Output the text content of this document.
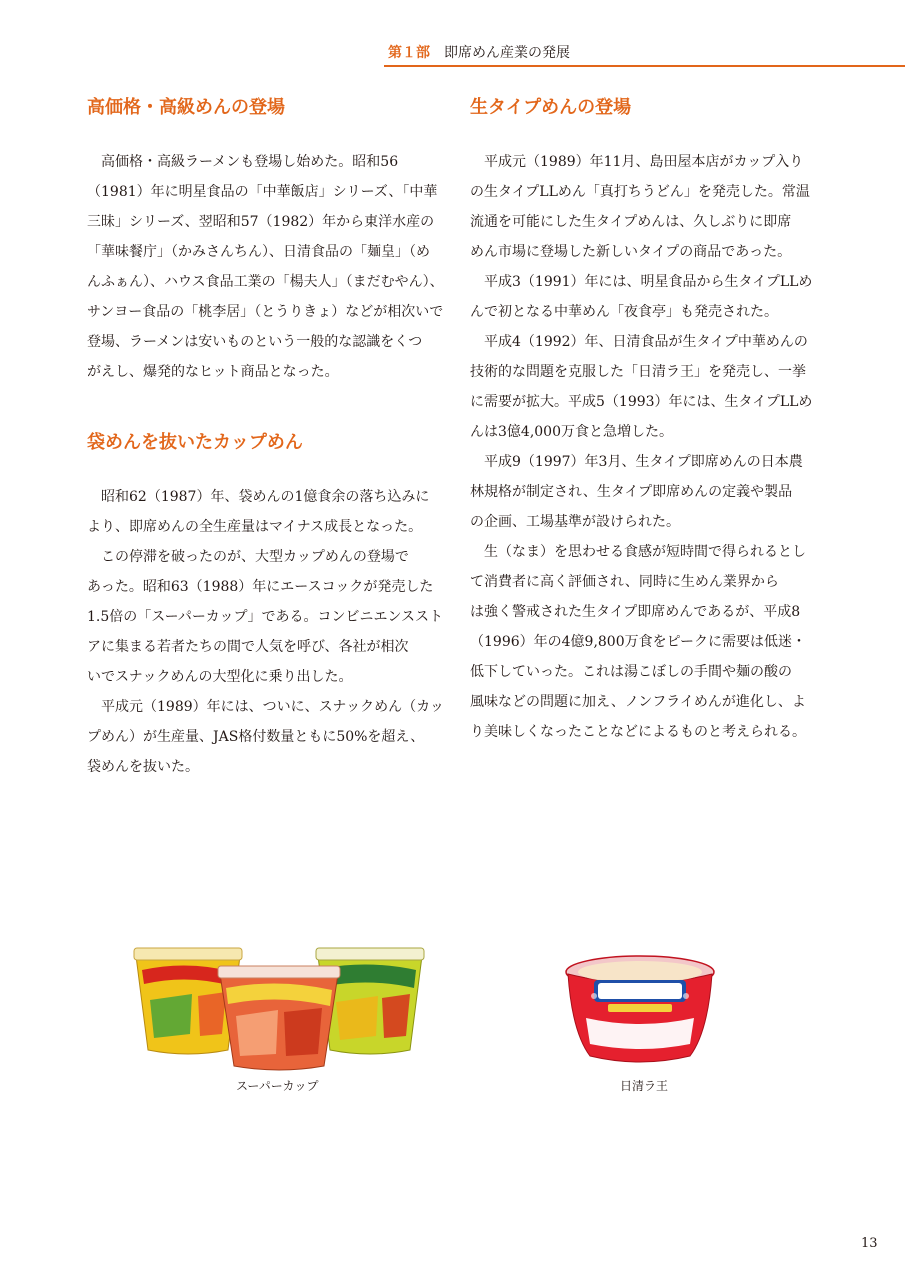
第１部 即席めん産業の発展
高価格・高級めんの登場
　高価格・高級ラーメンも登場し始めた。昭和56
（1981）年に明星食品の「中華飯店」シリーズ、「中華
三昧」シリーズ、翌昭和57（1982）年から東洋水産の
「華味餐庁」（かみさんちん）、日清食品の「麺皇」（め
んふぁん）、ハウス食品工業の「楊夫人」（まだむやん）、
サンヨー食品の「桃李居」（とうりきょ）などが相次いで
登場、ラーメンは安いものという一般的な認識をくつ
がえし、爆発的なヒット商品となった。
袋めんを抜いたカップめん
　昭和62（1987）年、袋めんの1億食余の落ち込みに
より、即席めんの全生産量はマイナス成長となった。
　この停滞を破ったのが、大型カップめんの登場で
あった。昭和63（1988）年にエースコックが発売した
1.5倍の「スーパーカップ」である。コンビニエンススト
アに集まる若者たちの間で人気を呼び、各社が相次
いでスナックめんの大型化に乗り出した。
　平成元（1989）年には、ついに、スナックめん（カッ
プめん）が生産量、JAS格付数量ともに50%を超え、
袋めんを抜いた。
生タイプめんの登場
　平成元（1989）年11月、島田屋本店がカップ入り
の生タイプLLめん「真打ちうどん」を発売した。常温
流通を可能にした生タイプめんは、久しぶりに即席
めん市場に登場した新しいタイプの商品であった。
　平成3（1991）年には、明星食品から生タイプLLめ
んで初となる中華めん「夜食亭」も発売された。
　平成4（1992）年、日清食品が生タイプ中華めんの
技術的な問題を克服した「日清ラ王」を発売し、一挙
に需要が拡大。平成5（1993）年には、生タイプLLめ
んは3億4,000万食と急増した。
　平成9（1997）年3月、生タイプ即席めんの日本農
林規格が制定され、生タイプ即席めんの定義や製品
の企画、工場基準が設けられた。
　生（なま）を思わせる食感が短時間で得られるとし
て消費者に高く評価され、同時に生めん業界から
は強く警戒された生タイプ即席めんであるが、平成8
（1996）年の4億9,800万食をピークに需要は低迷・
低下していった。これは湯こぼしの手間や麺の酸の
風味などの問題に加え、ノンフライめんが進化し、よ
り美味しくなったことなどによるものと考えられる。
スーパーカップ	日清ラ王
13
